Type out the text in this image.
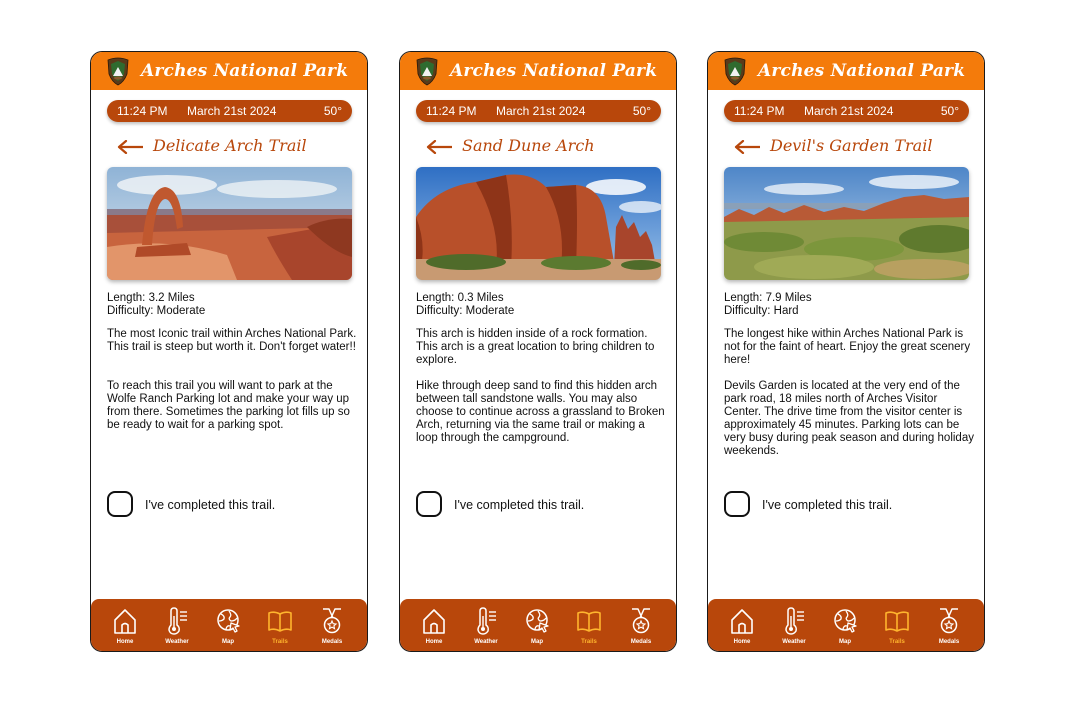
Arches National Park
11:24 PM March 21st 2024	50°
Delicate Arch Trail
Length: 3.2 Miles
Difficulty: Moderate
The most Iconic trail within Arches National Park. This trail is steep but worth it. Don't forget water!!
To reach this trail you will want to park at the Wolfe Ranch Parking lot and make your way up from there. Sometimes the parking lot fills up so be ready to wait for a parking spot.
I've completed this trail.
Home	Weather	Map	Trails	Medals
Arches National Park
11:24 PM March 21st 2024	50°
Sand Dune Arch
Length: 0.3 Miles
Difficulty: Moderate
This arch is hidden inside of a rock formation. This arch is a great location to bring children to explore.
Hike through deep sand to find this hidden arch between tall sandstone walls. You may also choose to continue across a grassland to Broken Arch, returning via the same trail or making a loop through the campground.
I've completed this trail.
Home	Weather	Map	Trails	Medals
Arches National Park
11:24 PM March 21st 2024	50°
Devil's Garden Trail
Length: 7.9 Miles
Difficulty: Hard
The longest hike within Arches National Park is not for the faint of heart. Enjoy the great scenery here!
Devils Garden is located at the very end of the park road, 18 miles north of Arches Visitor Center. The drive time from the visitor center is approximately 45 minutes. Parking lots can be very busy during peak season and during holiday weekends.
I've completed this trail.
Home	Weather	Map	Trails	Medals
